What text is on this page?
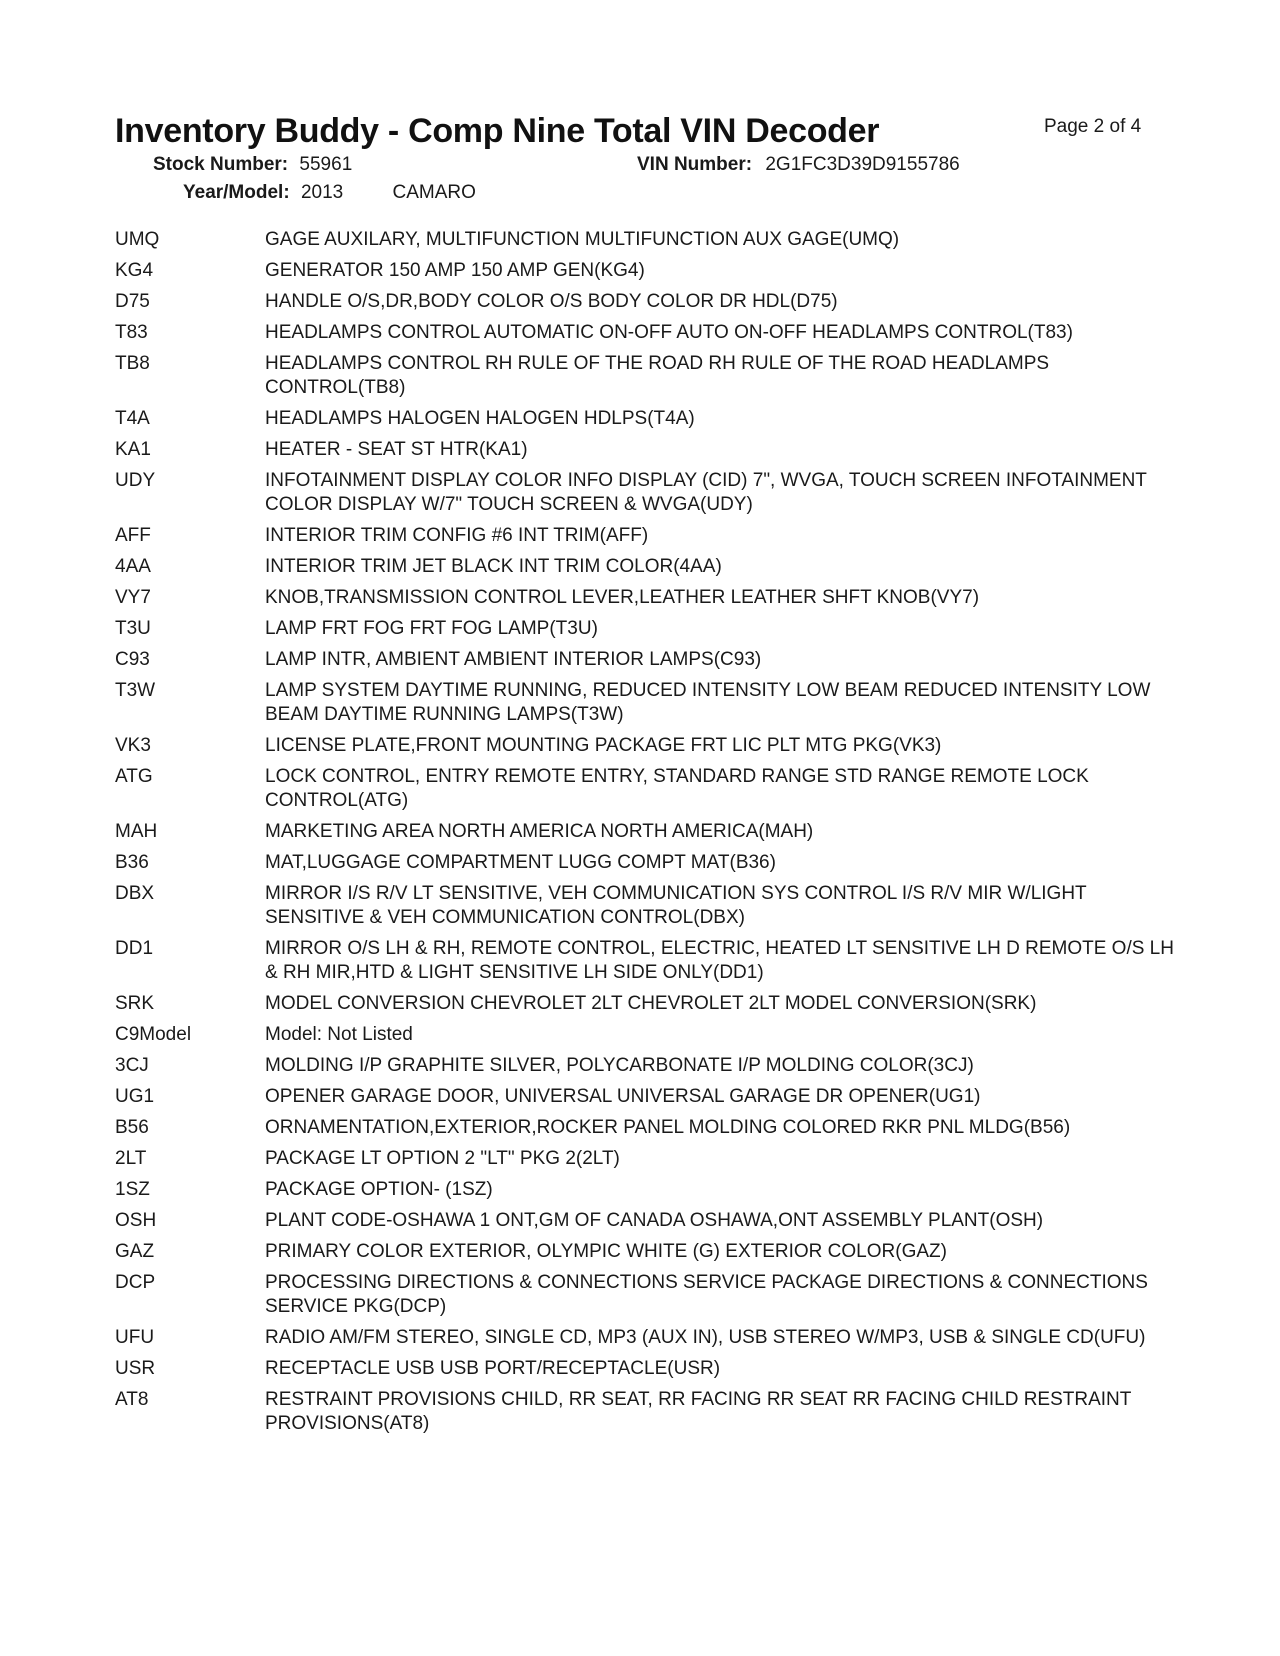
Inventory Buddy - Comp Nine Total VIN Decoder	Page 2 of 4
Stock Number: 55961	VIN Number: 2G1FC3D39D9155786
Year/Model: 2013	CAMARO
UMQ	GAGE AUXILARY, MULTIFUNCTION MULTIFUNCTION AUX GAGE(UMQ)
KG4	GENERATOR 150 AMP 150 AMP GEN(KG4)
D75	HANDLE O/S,DR,BODY COLOR O/S BODY COLOR DR HDL(D75)
T83	HEADLAMPS CONTROL AUTOMATIC ON-OFF AUTO ON-OFF HEADLAMPS CONTROL(T83)
TB8	HEADLAMPS CONTROL RH RULE OF THE ROAD RH RULE OF THE ROAD HEADLAMPS CONTROL(TB8)
T4A	HEADLAMPS HALOGEN HALOGEN HDLPS(T4A)
KA1	HEATER - SEAT ST HTR(KA1)
UDY	INFOTAINMENT DISPLAY COLOR INFO DISPLAY (CID) 7", WVGA, TOUCH SCREEN INFOTAINMENT COLOR DISPLAY W/7" TOUCH SCREEN & WVGA(UDY)
AFF	INTERIOR TRIM CONFIG #6 INT TRIM(AFF)
4AA	INTERIOR TRIM JET BLACK INT TRIM COLOR(4AA)
VY7	KNOB,TRANSMISSION CONTROL LEVER,LEATHER LEATHER SHFT KNOB(VY7)
T3U	LAMP FRT FOG FRT FOG LAMP(T3U)
C93	LAMP INTR, AMBIENT AMBIENT INTERIOR LAMPS(C93)
T3W	LAMP SYSTEM DAYTIME RUNNING, REDUCED INTENSITY LOW BEAM REDUCED INTENSITY LOW BEAM DAYTIME RUNNING LAMPS(T3W)
VK3	LICENSE PLATE,FRONT MOUNTING PACKAGE FRT LIC PLT MTG PKG(VK3)
ATG	LOCK CONTROL, ENTRY REMOTE ENTRY, STANDARD RANGE STD RANGE REMOTE LOCK CONTROL(ATG)
MAH	MARKETING AREA NORTH AMERICA NORTH AMERICA(MAH)
B36	MAT,LUGGAGE COMPARTMENT LUGG COMPT MAT(B36)
DBX	MIRROR I/S R/V LT SENSITIVE, VEH COMMUNICATION SYS CONTROL I/S R/V MIR W/LIGHT SENSITIVE & VEH COMMUNICATION CONTROL(DBX)
DD1	MIRROR O/S LH & RH, REMOTE CONTROL, ELECTRIC, HEATED LT SENSITIVE LH D REMOTE O/S LH & RH MIR,HTD & LIGHT SENSITIVE LH SIDE ONLY(DD1)
SRK	MODEL CONVERSION CHEVROLET 2LT CHEVROLET 2LT MODEL CONVERSION(SRK)
C9Model	Model: Not Listed
3CJ	MOLDING I/P GRAPHITE SILVER, POLYCARBONATE I/P MOLDING COLOR(3CJ)
UG1	OPENER GARAGE DOOR, UNIVERSAL UNIVERSAL GARAGE DR OPENER(UG1)
B56	ORNAMENTATION,EXTERIOR,ROCKER PANEL MOLDING COLORED RKR PNL MLDG(B56)
2LT	PACKAGE LT OPTION 2 "LT" PKG 2(2LT)
1SZ	PACKAGE OPTION- (1SZ)
OSH	PLANT CODE-OSHAWA 1 ONT,GM OF CANADA OSHAWA,ONT ASSEMBLY PLANT(OSH)
GAZ	PRIMARY COLOR EXTERIOR, OLYMPIC WHITE (G) EXTERIOR COLOR(GAZ)
DCP	PROCESSING DIRECTIONS & CONNECTIONS SERVICE PACKAGE DIRECTIONS & CONNECTIONS SERVICE PKG(DCP)
UFU	RADIO AM/FM STEREO, SINGLE CD, MP3 (AUX IN), USB STEREO W/MP3, USB & SINGLE CD(UFU)
USR	RECEPTACLE USB USB PORT/RECEPTACLE(USR)
AT8	RESTRAINT PROVISIONS CHILD, RR SEAT, RR FACING RR SEAT RR FACING CHILD RESTRAINT PROVISIONS(AT8)
